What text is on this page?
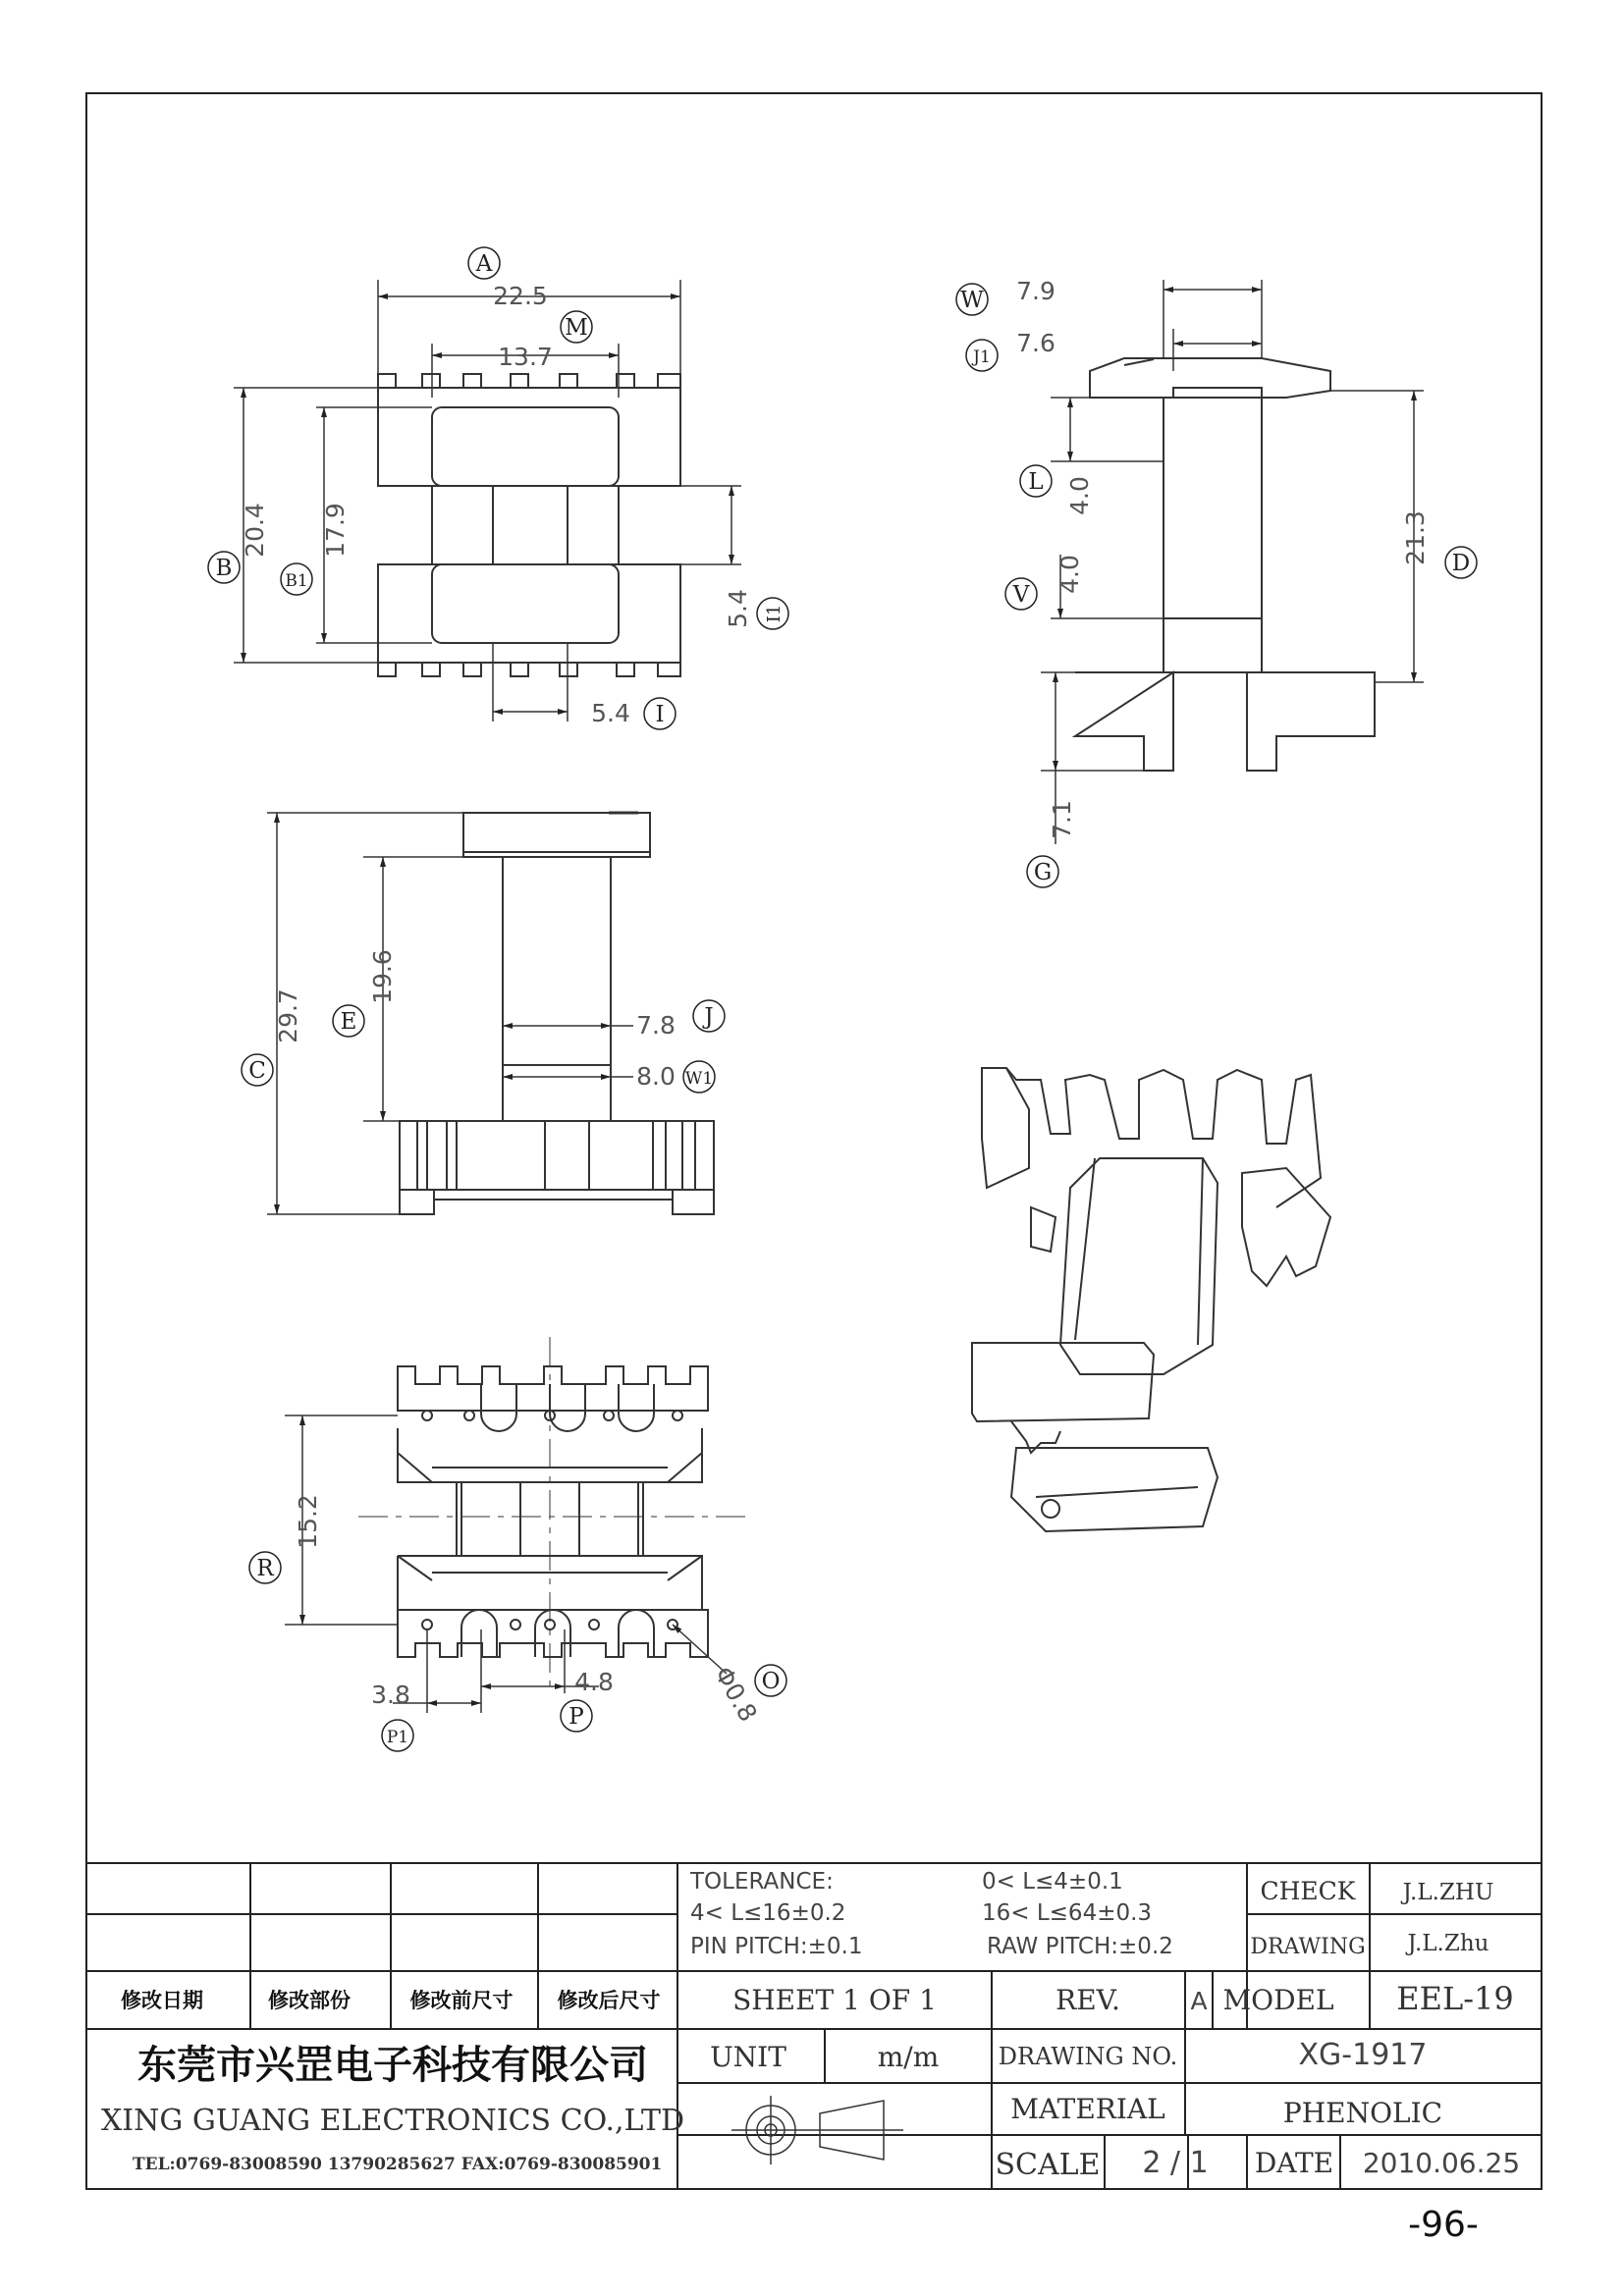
22.5
13.7
20.4 17.9
5.4
5.4
A
M
B	B1
I1
I
7.9
7.6
4.0
4.0
21.3
7.1
W
J1
L
V
D
G
29.7
19.6
7.8
8.0
C
E	J
W1
15.2
3.8	4.8	Φ0.8
R
P1
P
O
TOLERANCE:	0< L≤4±0.1
4< L≤16±0.2	16< L≤64±0.3
PIN PITCH:±0.1	RAW PITCH:±0.2
CHECK J.L.ZHU
DRAWING J.L.Zhu
修改日期	修改部份	修改前尺寸 修改后尺寸	SHEET 1 OF 1	REV.	A MODEL EEL-19
东莞市兴罡电子科技有限公司
XING GUANG ELECTRONICS CO.,LTD
TEL:0769-83008590 13790285627 FAX:0769-830085901
UNIT	m/m	DRAWING NO.	XG-1917
MATERIAL	PHENOLIC
SCALE 2 / 1 DATE 2010.06.25
-96-
